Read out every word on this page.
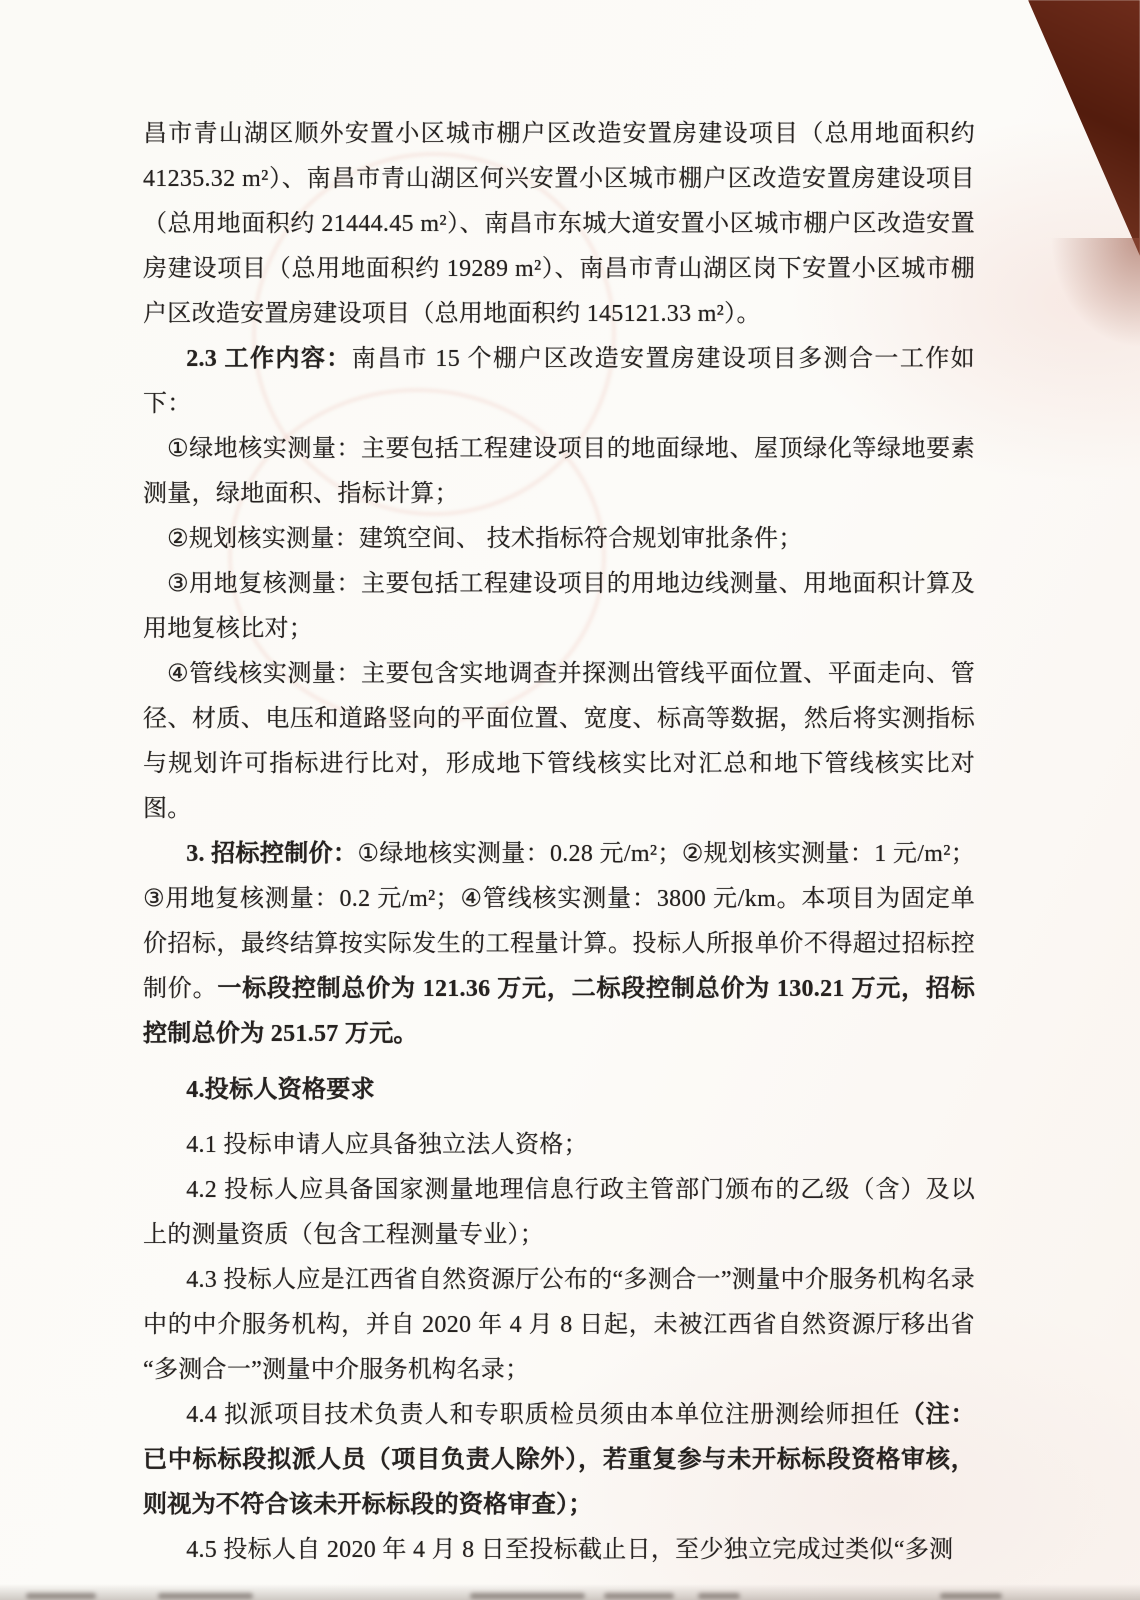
昌市青山湖区顺外安置小区城市棚户区改造安置房建设项目（总用地面积约 41235.32 m²）、南昌市青山湖区何兴安置小区城市棚户区改造安置房建设项目（总用地面积约 21444.45 m²）、南昌市东城大道安置小区城市棚户区改造安置房建设项目（总用地面积约 19289 m²）、南昌市青山湖区岗下安置小区城市棚户区改造安置房建设项目（总用地面积约 145121.33 m²）。

2.3 工作内容：南昌市 15 个棚户区改造安置房建设项目多测合一工作如下：

①绿地核实测量：主要包括工程建设项目的地面绿地、屋顶绿化等绿地要素测量，绿地面积、指标计算；

②规划核实测量：建筑空间、 技术指标符合规划审批条件；

③用地复核测量：主要包括工程建设项目的用地边线测量、用地面积计算及用地复核比对；

④管线核实测量：主要包含实地调查并探测出管线平面位置、平面走向、管径、材质、电压和道路竖向的平面位置、宽度、标高等数据，然后将实测指标与规划许可指标进行比对，形成地下管线核实比对汇总和地下管线核实比对图。

3. 招标控制价：①绿地核实测量：0.28 元/m²；②规划核实测量：1 元/m²；③用地复核测量：0.2 元/m²；④管线核实测量：3800 元/km。本项目为固定单价招标，最终结算按实际发生的工程量计算。投标人所报单价不得超过招标控制价。一标段控制总价为 121.36 万元，二标段控制总价为 130.21 万元，招标控制总价为 251.57 万元。

4.投标人资格要求

4.1 投标申请人应具备独立法人资格；

4.2 投标人应具备国家测量地理信息行政主管部门颁布的乙级（含）及以上的测量资质（包含工程测量专业）；

4.3 投标人应是江西省自然资源厅公布的“多测合一”测量中介服务机构名录中的中介服务机构，并自 2020 年 4 月 8 日起，未被江西省自然资源厅移出省“多测合一”测量中介服务机构名录；

4.4 拟派项目技术负责人和专职质检员须由本单位注册测绘师担任（注：已中标标段拟派人员（项目负责人除外），若重复参与未开标标段资格审核，则视为不符合该未开标标段的资格审查）；

4.5 投标人自 2020 年 4 月 8 日至投标截止日，至少独立完成过类似“多测
